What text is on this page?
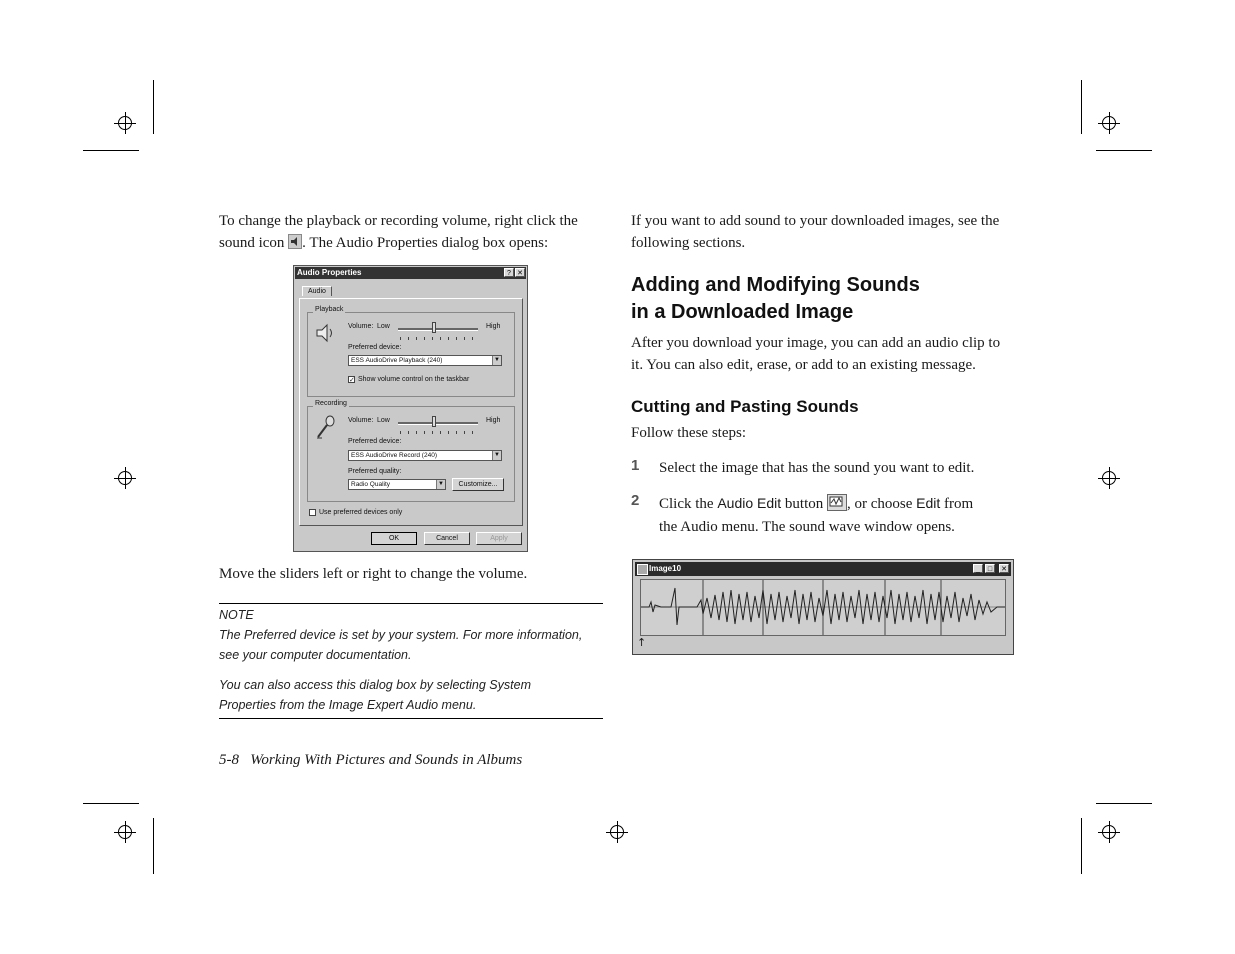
To change the playback or recording volume, right click the
sound icon . The Audio Properties dialog box opens:
Audio Properties	? ✕
Audio
Playback
Volume: Low	High
Preferred device:
ESS AudioDrive Playback (240)	▼
✓ Show volume control on the taskbar
Recording
Volume: Low	High
Preferred device:
ESS AudioDrive Record (240)	▼
Preferred quality:
Radio Quality	▼	Customize...
Use preferred devices only
OK	Cancel	Apply
Move the sliders left or right to change the volume.
NOTE
The Preferred device is set by your system. For more information,
see your computer documentation.
You can also access this dialog box by selecting System
Properties from the Image Expert Audio menu.
5-8 Working With Pictures and Sounds in Albums
If you want to add sound to your downloaded images, see the
following sections.
Adding and Modifying Sounds
in a Downloaded Image
After you download your image, you can add an audio clip to
it. You can also edit, erase, or add to an existing message.
Cutting and Pasting Sounds
Follow these steps:
1 Select the image that has the sound you want to edit.
2 Click the Audio Edit button , or choose Edit from
the Audio menu. The sound wave window opens.
Image10	_	□	✕
↑
